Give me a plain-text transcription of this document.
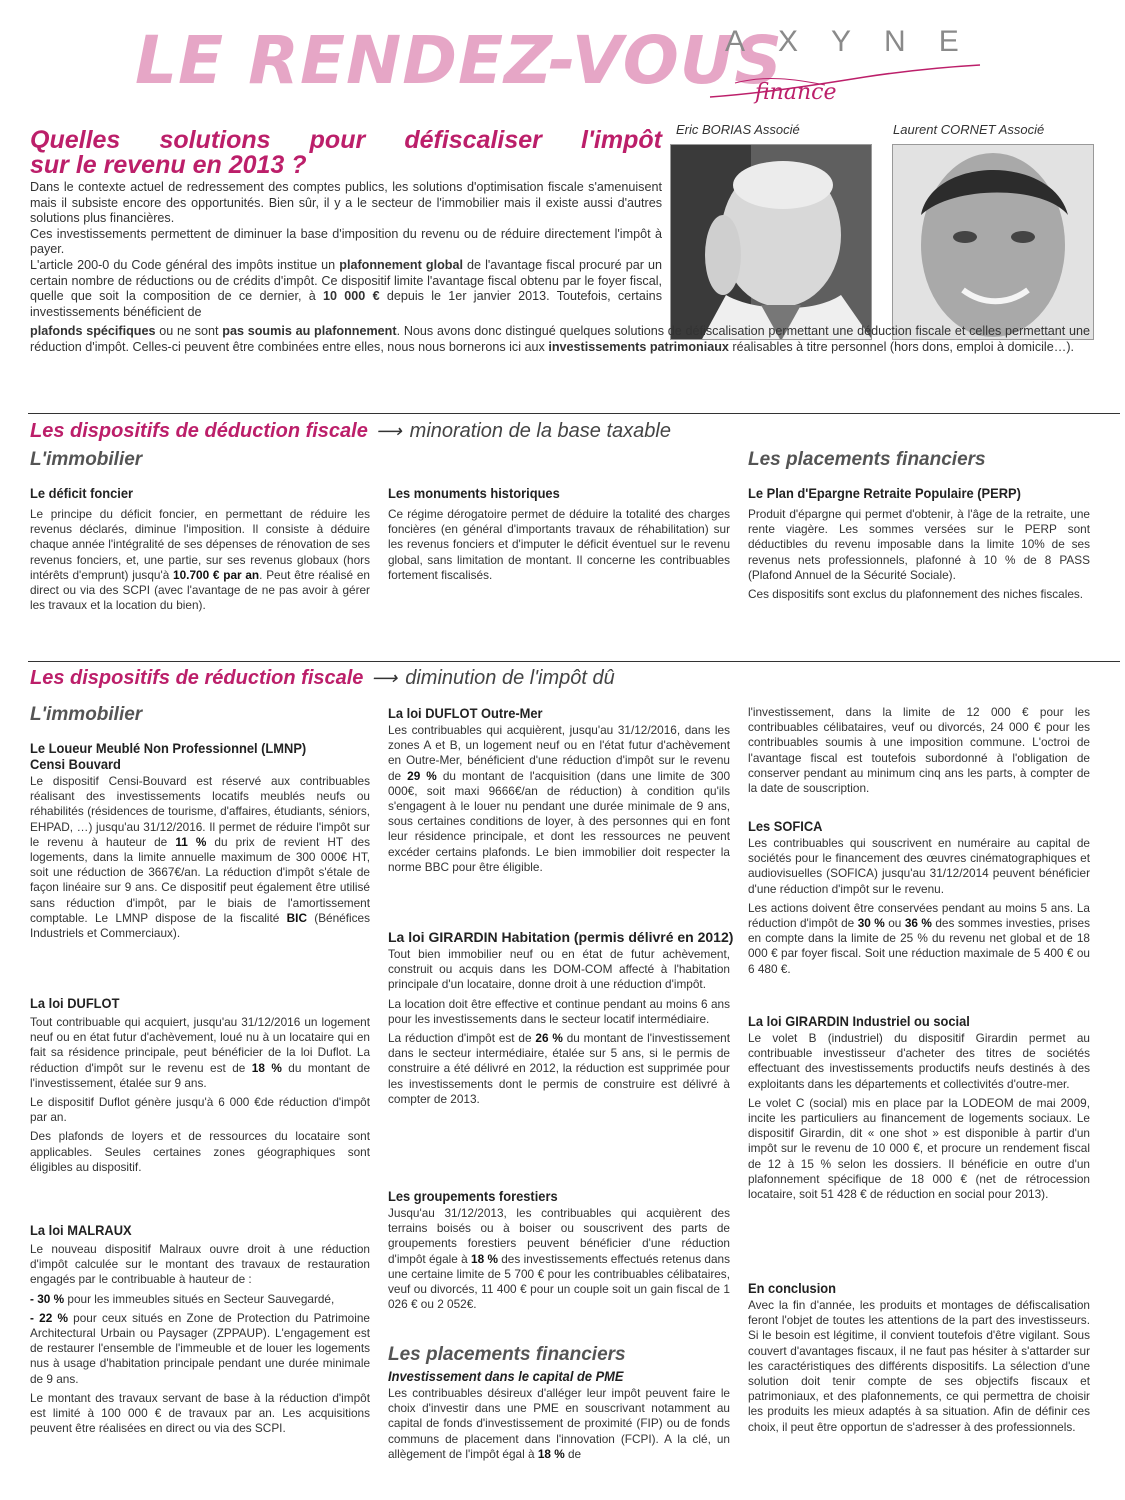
LE RENDEZ-VOUS
AXYNE
finance
Quelles solutions pour défiscaliser l'impôt
sur le revenu en 2013 ?
Eric BORIAS Associé	Laurent CORNET Associé

Dans le contexte actuel de redressement des comptes publics, les solutions d'optimisation fiscale s'amenuisent mais il subsiste encore des opportunités. Bien sûr, il y a le secteur de l'immobilier mais il existe aussi d'autres solutions plus financières.

Ces investissements permettent de diminuer la base d'imposition du revenu ou de réduire directement l'impôt à payer.

L'article 200-0 du Code général des impôts institue un plafonnement global de l'avantage fiscal procuré par un certain nombre de réductions ou de crédits d'impôt. Ce dispositif limite l'avantage fiscal obtenu par le foyer fiscal, quelle que soit la composition de ce dernier, à 10 000 € depuis le 1er janvier 2013. Toutefois, certains investissements bénéficient de

plafonds spécifiques ou ne sont pas soumis au plafonnement. Nous avons donc distingué quelques solutions de défiscalisation permettant une déduction fiscale et celles permettant une réduction d'impôt. Celles-ci peuvent être combinées entre elles, nous nous bornerons ici aux investissements patrimoniaux réalisables à titre personnel (hors dons, emploi à domicile…).

Les dispositifs de déduction fiscale ⟶ minoration de la base taxable
L'immobilier	Les placements financiers
Le déficit foncier
Le principe du déficit foncier, en permettant de réduire les revenus déclarés, diminue l'imposition. Il consiste à déduire chaque année l'intégralité de ses dépenses de rénovation de ses revenus fonciers, et, une partie, sur ses revenus globaux (hors intérêts d'emprunt) jusqu'à 10.700 € par an. Peut être réalisé en direct ou via des SCPI (avec l'avantage de ne pas avoir à gérer les travaux et la location du bien).
Les monuments historiques
Ce régime dérogatoire permet de déduire la totalité des charges foncières (en général d'importants travaux de réhabilitation) sur les revenus fonciers et d'imputer le déficit éventuel sur le revenu global, sans limitation de montant. Il concerne les contribuables fortement fiscalisés.
Le Plan d'Epargne Retraite Populaire (PERP)

Produit d'épargne qui permet d'obtenir, à l'âge de la retraite, une rente viagère. Les sommes versées sur le PERP sont déductibles du revenu imposable dans la limite 10% de ses revenus nets professionnels, plafonné à 10 % de 8 PASS (Plafond Annuel de la Sécurité Sociale).

Ces dispositifs sont exclus du plafonnement des niches fiscales.

Les dispositifs de réduction fiscale ⟶ diminution de l'impôt dû
L'immobilier
Le Loueur Meublé Non Professionnel (LMNP)
Censi Bouvard
Le dispositif Censi-Bouvard est réservé aux contribuables réalisant des investissements locatifs meublés neufs ou réhabilités (résidences de tourisme, d'affaires, étudiants, séniors, EHPAD, …) jusqu'au 31/12/2016. Il permet de réduire l'impôt sur le revenu à hauteur de 11 % du prix de revient HT des logements, dans la limite annuelle maximum de 300 000€ HT, soit une réduction de 3667€/an. La réduction d'impôt s'étale de façon linéaire sur 9 ans. Ce dispositif peut également être utilisé sans réduction d'impôt, par le biais de l'amortissement comptable. Le LMNP dispose de la fiscalité BIC (Bénéfices Industriels et Commerciaux).
La loi DUFLOT

Tout contribuable qui acquiert, jusqu'au 31/12/2016 un logement neuf ou en état futur d'achèvement, loué nu à un locataire qui en fait sa résidence principale, peut bénéficier de la loi Duflot. La réduction d'impôt sur le revenu est de 18 % du montant de l'investissement, étalée sur 9 ans.

Le dispositif Duflot génère jusqu'à 6 000 €de réduction d'impôt par an.

Des plafonds de loyers et de ressources du locataire sont applicables. Seules certaines zones géographiques sont éligibles au dispositif.

La loi MALRAUX

Le nouveau dispositif Malraux ouvre droit à une réduction d'impôt calculée sur le montant des travaux de restauration engagés par le contribuable à hauteur de :

- 30 % pour les immeubles situés en Secteur Sauvegardé,

- 22 % pour ceux situés en Zone de Protection du Patrimoine Architectural Urbain ou Paysager (ZPPAUP). L'engagement est de restaurer l'ensemble de l'immeuble et de louer les logements nus à usage d'habitation principale pendant une durée minimale de 9 ans.

Le montant des travaux servant de base à la réduction d'impôt est limité à 100 000 € de travaux par an. Les acquisitions peuvent être réalisées en direct ou via des SCPI.

La loi DUFLOT Outre-Mer
Les contribuables qui acquièrent, jusqu'au 31/12/2016, dans les zones A et B, un logement neuf ou en l'état futur d'achèvement en Outre-Mer, bénéficient d'une réduction d'impôt sur le revenu de 29 % du montant de l'acquisition (dans une limite de 300 000€, soit maxi 9666€/an de réduction) à condition qu'ils s'engagent à le louer nu pendant une durée minimale de 9 ans, sous certaines conditions de loyer, à des personnes qui en font leur résidence principale, et dont les ressources ne peuvent excéder certains plafonds. Le bien immobilier doit respecter la norme BBC pour être éligible.
La loi GIRARDIN Habitation (permis délivré en 2012)

Tout bien immobilier neuf ou en état de futur achèvement, construit ou acquis dans les DOM-COM affecté à l'habitation principale d'un locataire, donne droit à une réduction d'impôt.

La location doit être effective et continue pendant au moins 6 ans pour les investissements dans le secteur locatif intermédiaire.

La réduction d'impôt est de 26 % du montant de l'investissement dans le secteur intermédiaire, étalée sur 5 ans, si le permis de construire a été délivré en 2012, la réduction est supprimée pour les investissements dont le permis de construire est délivré à compter de 2013.

Les groupements forestiers
Jusqu'au 31/12/2013, les contribuables qui acquièrent des terrains boisés ou à boiser ou souscrivent des parts de groupements forestiers peuvent bénéficier d'une réduction d'impôt égale à 18 % des investissements effectués retenus dans une certaine limite de 5 700 € pour les contribuables célibataires, veuf ou divorcés, 11 400 € pour un couple soit un gain fiscal de 1 026 € ou 2 052€.
Les placements financiers
Investissement dans le capital de PME
Les contribuables désireux d'alléger leur impôt peuvent faire le choix d'investir dans une PME en souscrivant notamment au capital de fonds d'investissement de proximité (FIP) ou de fonds communs de placement dans l'innovation (FCPI). A la clé, un allègement de l'impôt égal à 18 % de
l'investissement, dans la limite de 12 000 € pour les contribuables célibataires, veuf ou divorcés, 24 000 € pour les contribuables soumis à une imposition commune. L'octroi de l'avantage fiscal est toutefois subordonné à l'obligation de conserver pendant au minimum cinq ans les parts, à compter de la date de souscription.
Les SOFICA

Les contribuables qui souscrivent en numéraire au capital de sociétés pour le financement des œuvres cinématographiques et audiovisuelles (SOFICA) jusqu'au 31/12/2014 peuvent bénéficier d'une réduction d'impôt sur le revenu.

Les actions doivent être conservées pendant au moins 5 ans. La réduction d'impôt de 30 % ou 36 % des sommes investies, prises en compte dans la limite de 25 % du revenu net global et de 18 000 € par foyer fiscal. Soit une réduction maximale de 5 400 € ou 6 480 €.

La loi GIRARDIN Industriel ou social

Le volet B (industriel) du dispositif Girardin permet au contribuable investisseur d'acheter des titres de sociétés effectuant des investissements productifs neufs destinés à des exploitants dans les départements et collectivités d'outre-mer.

Le volet C (social) mis en place par la LODEOM de mai 2009, incite les particuliers au financement de logements sociaux. Le dispositif Girardin, dit « one shot » est disponible à partir d'un impôt sur le revenu de 10 000 €, et procure un rendement fiscal de 12 à 15 % selon les dossiers. Il bénéficie en outre d'un plafonnement spécifique de 18 000 € (net de rétrocession locataire, soit 51 428 € de réduction en social pour 2013).

En conclusion
Avec la fin d'année, les produits et montages de défiscalisation feront l'objet de toutes les attentions de la part des investisseurs. Si le besoin est légitime, il convient toutefois d'être vigilant. Sous couvert d'avantages fiscaux, il ne faut pas hésiter à s'attarder sur les caractéristiques des différents dispositifs. La sélection d'une solution doit tenir compte de ses objectifs fiscaux et patrimoniaux, et des plafonnements, ce qui permettra de choisir les produits les mieux adaptés à sa situation. Afin de définir ces choix, il peut être opportun de s'adresser à des professionnels.
